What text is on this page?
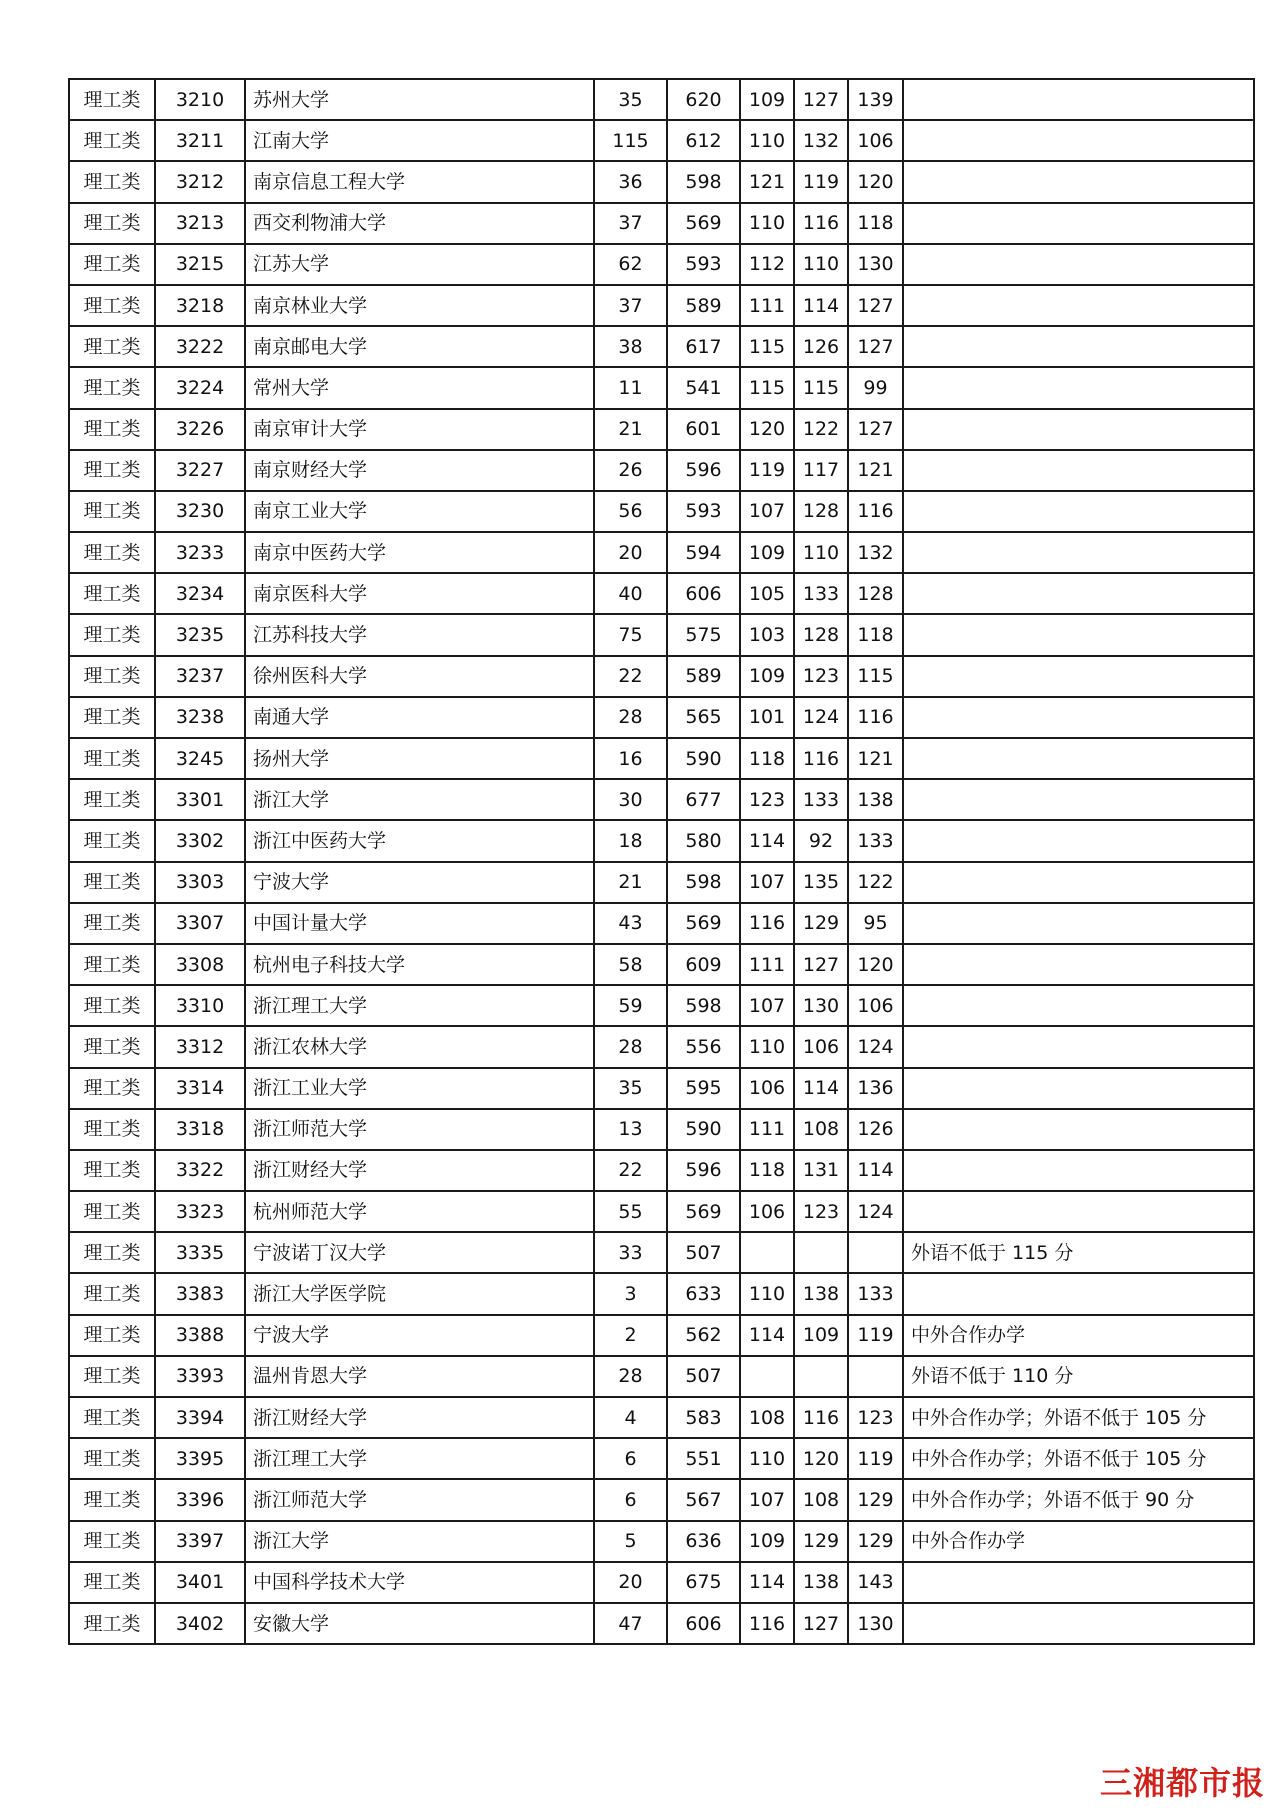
理工类	3210	苏州大学	35	620	109	127	139	
理工类	3211	江南大学	115	612	110	132	106	
理工类	3212	南京信息工程大学	36	598	121	119	120	
理工类	3213	西交利物浦大学	37	569	110	116	118	
理工类	3215	江苏大学	62	593	112	110	130	
理工类	3218	南京林业大学	37	589	111	114	127	
理工类	3222	南京邮电大学	38	617	115	126	127	
理工类	3224	常州大学	11	541	115	115	99	
理工类	3226	南京审计大学	21	601	120	122	127	
理工类	3227	南京财经大学	26	596	119	117	121	
理工类	3230	南京工业大学	56	593	107	128	116	
理工类	3233	南京中医药大学	20	594	109	110	132	
理工类	3234	南京医科大学	40	606	105	133	128	
理工类	3235	江苏科技大学	75	575	103	128	118	
理工类	3237	徐州医科大学	22	589	109	123	115	
理工类	3238	南通大学	28	565	101	124	116	
理工类	3245	扬州大学	16	590	118	116	121	
理工类	3301	浙江大学	30	677	123	133	138	
理工类	3302	浙江中医药大学	18	580	114	92	133	
理工类	3303	宁波大学	21	598	107	135	122	
理工类	3307	中国计量大学	43	569	116	129	95	
理工类	3308	杭州电子科技大学	58	609	111	127	120	
理工类	3310	浙江理工大学	59	598	107	130	106	
理工类	3312	浙江农林大学	28	556	110	106	124	
理工类	3314	浙江工业大学	35	595	106	114	136	
理工类	3318	浙江师范大学	13	590	111	108	126	
理工类	3322	浙江财经大学	22	596	118	131	114	
理工类	3323	杭州师范大学	55	569	106	123	124	
理工类	3335	宁波诺丁汉大学	33	507				外语不低于 115 分
理工类	3383	浙江大学医学院	3	633	110	138	133	
理工类	3388	宁波大学	2	562	114	109	119	中外合作办学
理工类	3393	温州肯恩大学	28	507				外语不低于 110 分
理工类	3394	浙江财经大学	4	583	108	116	123	中外合作办学；外语不低于 105 分
理工类	3395	浙江理工大学	6	551	110	120	119	中外合作办学；外语不低于 105 分
理工类	3396	浙江师范大学	6	567	107	108	129	中外合作办学；外语不低于 90 分
理工类	3397	浙江大学	5	636	109	129	129	中外合作办学
理工类	3401	中国科学技术大学	20	675	114	138	143	
理工类	3402	安徽大学	47	606	116	127	130	
三湘都市报
